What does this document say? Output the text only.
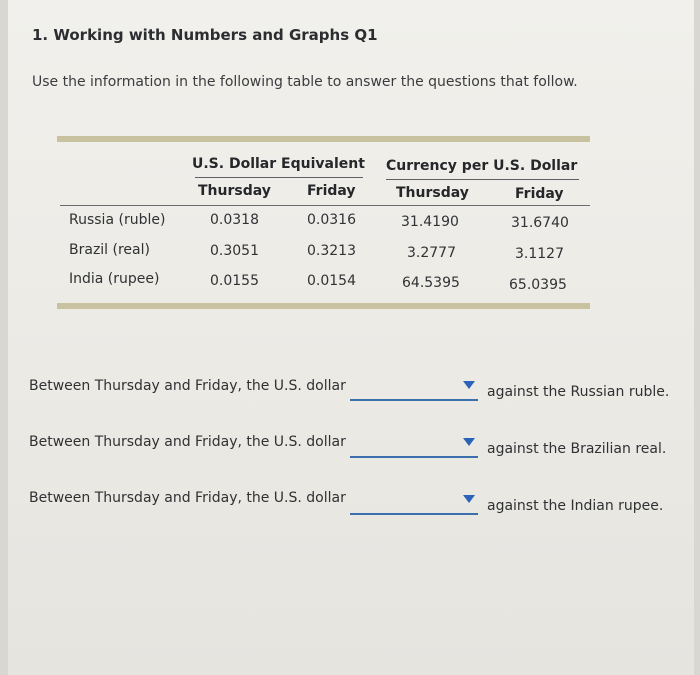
1. Working with Numbers and Graphs Q1
Use the information in the following table to answer the questions that follow.
U.S. Dollar Equivalent Currency per U.S. Dollar
Thursday	Friday	Thursday	Friday
Russia (ruble)	0.0318	0.0316	31.4190	31.6740
Brazil (real)	0.3051	0.3213	3.2777	3.1127
India (rupee)	0.0155	0.0154	64.5395	65.0395
Between Thursday and Friday, the U.S. dollar	against the Russian ruble.
Between Thursday and Friday, the U.S. dollar	against the Brazilian real.
Between Thursday and Friday, the U.S. dollar	against the Indian rupee.
